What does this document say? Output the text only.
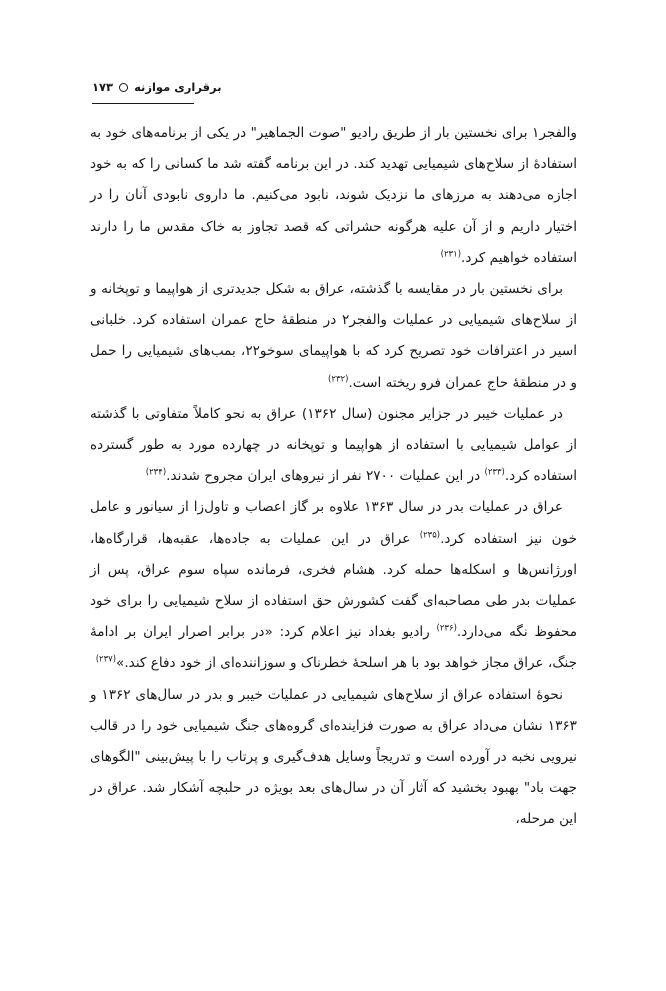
برقراری موازنه
۱۷۳

والفجر۱ برای نخستین بار از طریق رادیو "صوت الجماهیر" در یکی از برنامه‌های خود به استفادهٔ از سلاح‌های شیمیایی تهدید کند. در این برنامه گفته شد ما کسانی را که به خود اجازه می‌دهند به مرزهای ما نزدیک شوند، نابود می‌کنیم. ما داروی نابودی آنان را در اختیار داریم و از آن علیه هرگونه حشراتی که قصد تجاوز به خاک مقدس ما را دارند استفاده خواهیم کرد.$^{(۲۳۱)}$

برای نخستین بار در مقایسه با گذشته، عراق به شکل جدیدتری از هواپیما و توپخانه و از سلاح‌های شیمیایی در عملیات والفجر۲ در منطقهٔ حاج عمران استفاده کرد. خلبانی اسیر در اعترافات خود تصریح کرد که با هواپیمای سوخو۲۲، بمب‌های شیمیایی را حمل و در منطقهٔ حاج عمران فرو ریخته است.$^{(۲۳۲)}$

در عملیات خیبر در جزایر مجنون (سال ۱۳۶۲) عراق به نحو کاملاً متفاوتی با گذشته از عوامل شیمیایی با استفاده از هواپیما و توپخانه در چهارده مورد به طور گسترده استفاده کرد.$^{(۲۳۳)}$ در این عملیات ۲۷۰۰ نفر از نیروهای ایران مجروح شدند.$^{(۲۳۴)}$

عراق در عملیات بدر در سال ۱۳۶۳ علاوه بر گاز اعصاب و تاول‌زا از سیانور و عامل خون نیز استفاده کرد.$^{(۲۳۵)}$ عراق در این عملیات به جاده‌ها، عقبه‌ها، قرارگاه‌ها، اورژانس‌ها و اسکله‌ها حمله کرد. هشام فخری، فرمانده سپاه سوم عراق، پس از عملیات بدر طی مصاحبه‌ای گفت کشورش حق استفاده از سلاح شیمیایی را برای خود محفوظ نگه می‌دارد.$^{(۲۳۶)}$ رادیو بغداد نیز اعلام کرد: «در برابر اصرار ایران بر ادامهٔ جنگ، عراق مجاز خواهد بود با هر اسلحهٔ خطرناک و سوزاننده‌ای از خود دفاع کند.»$^{(۲۳۷)}$

نحوهٔ استفاده عراق از سلاح‌های شیمیایی در عملیات خیبر و بدر در سال‌های ۱۳۶۲ و ۱۳۶۳ نشان می‌داد عراق به صورت فزاینده‌ای گروه‌های جنگ شیمیایی خود را در قالب نیرویی نخبه در آورده است و تدریجاً وسایل هدف‌گیری و پرتاب را با پیش‌بینی "الگوهای جهت باد" بهبود بخشید که آثار آن در سال‌های بعد بویژه در حلبچه آشکار شد. عراق در این مرحله،
